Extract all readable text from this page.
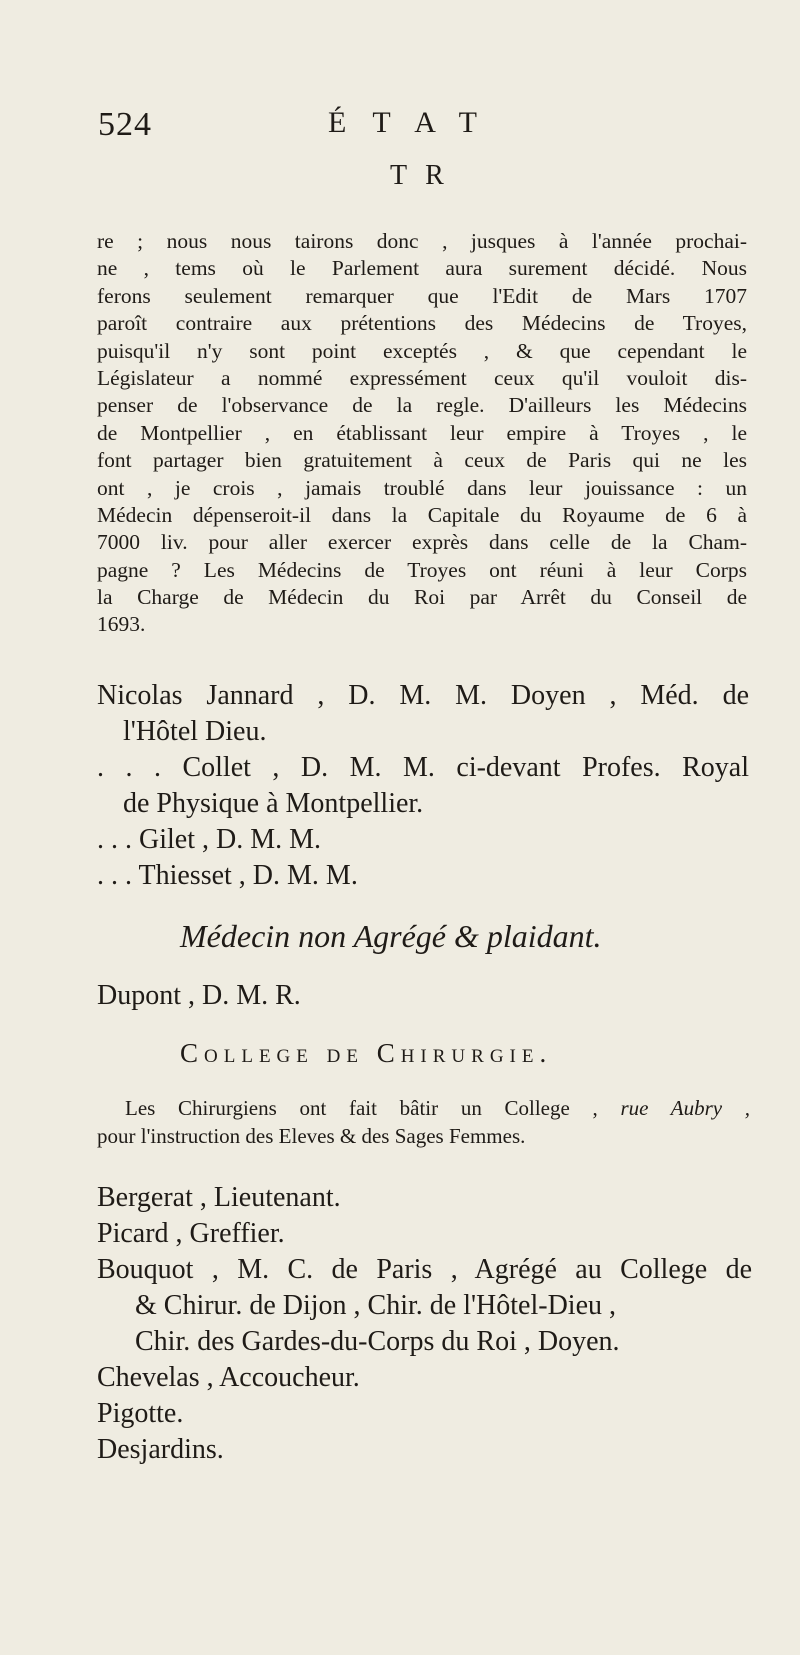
524	ÉTAT
TR
re ; nous nous tairons donc , jusques à l'année prochai-
ne , tems où le Parlement aura surement décidé. Nous
ferons seulement remarquer que l'Edit de Mars 1707
paroît contraire aux prétentions des Médecins de Troyes,
puisqu'il n'y sont point exceptés , & que cependant le
Législateur a nommé expressément ceux qu'il vouloit dis-
penser de l'observance de la regle. D'ailleurs les Médecins
de Montpellier , en établissant leur empire à Troyes , le
font partager bien gratuitement à ceux de Paris qui ne les
ont , je crois , jamais troublé dans leur jouissance : un
Médecin dépenseroit-il dans la Capitale du Royaume de 6 à
7000 liv. pour aller exercer exprès dans celle de la Cham-
pagne ? Les Médecins de Troyes ont réuni à leur Corps
la Charge de Médecin du Roi par Arrêt du Conseil de
1693.
Nicolas Jannard , D. M. M. Doyen , Méd. de
l'Hôtel Dieu.
. . . Collet , D. M. M. ci-devant Profes. Royal
de Physique à Montpellier.
. . . Gilet , D. M. M.
. . . Thiesset , D. M. M.
Médecin non Agrégé & plaidant.
Dupont , D. M. R.
College de Chirurgie.
Les Chirurgiens ont fait bâtir un College , rue Aubry ,
pour l'instruction des Eleves & des Sages Femmes.
Bergerat , Lieutenant.
Picard , Greffier.
Bouquot , M. C. de Paris , Agrégé au College de
& Chirur. de Dijon , Chir. de l'Hôtel-Dieu ,
Chir. des Gardes-du-Corps du Roi , Doyen.
Chevelas , Accoucheur.
Pigotte.
Desjardins.
